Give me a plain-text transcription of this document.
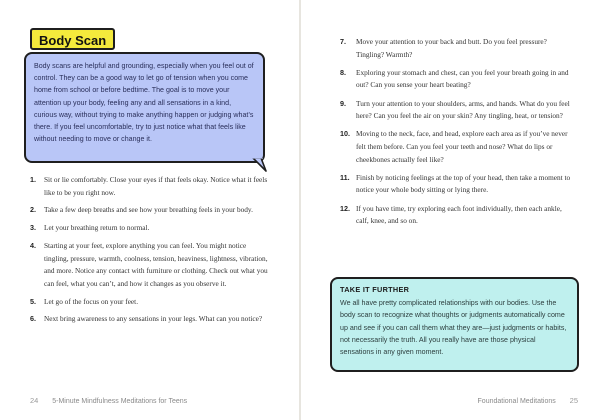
Body Scan
Body scans are helpful and grounding, especially when you feel out of control. They can be a good way to let go of tension when you come home from school or before bedtime. The goal is to move your attention up your body, feeling any and all sensations in a kind, curious way, without trying to make anything happen or judging what’s there. If you feel uncomfortable, try to just notice what that feels like without needing to move or change it.
1. Sit or lie comfortably. Close your eyes if that feels okay. Notice what it feels like to be you right now.
2. Take a few deep breaths and see how your breathing feels in your body.
3. Let your breathing return to normal.
4. Starting at your feet, explore anything you can feel. You might notice tingling, pressure, warmth, coolness, tension, heaviness, lightness, vibration, and more. Notice any contact with furniture or clothing. Check out what you can feel, what you can’t, and how it changes as you observe it.
5. Let go of the focus on your feet.
6. Next bring awareness to any sensations in your legs. What can you notice?
24 5-Minute Mindfulness Meditations for Teens
7. Move your attention to your back and butt. Do you feel pressure? Tingling? Warmth?
8. Exploring your stomach and chest, can you feel your breath going in and out? Can you sense your heart beating?
9. Turn your attention to your shoulders, arms, and hands. What do you feel here? Can you feel the air on your skin? Any tingling, heat, or tension?
10. Moving to the neck, face, and head, explore each area as if you’ve never felt them before. Can you feel your teeth and nose? What do lips or cheekbones actually feel like?
11. Finish by noticing feelings at the top of your head, then take a moment to notice your whole body sitting or lying there.
12. If you have time, try exploring each foot individually, then each ankle, calf, knee, and so on.
TAKE IT FURTHER
We all have pretty complicated relationships with our bodies. Use the body scan to recognize what thoughts or judgments automatically come up and see if you can call them what they are—just judgments or habits, not necessarily the truth. All you really have are those physical sensations in any given moment.
Foundational Meditations 25
